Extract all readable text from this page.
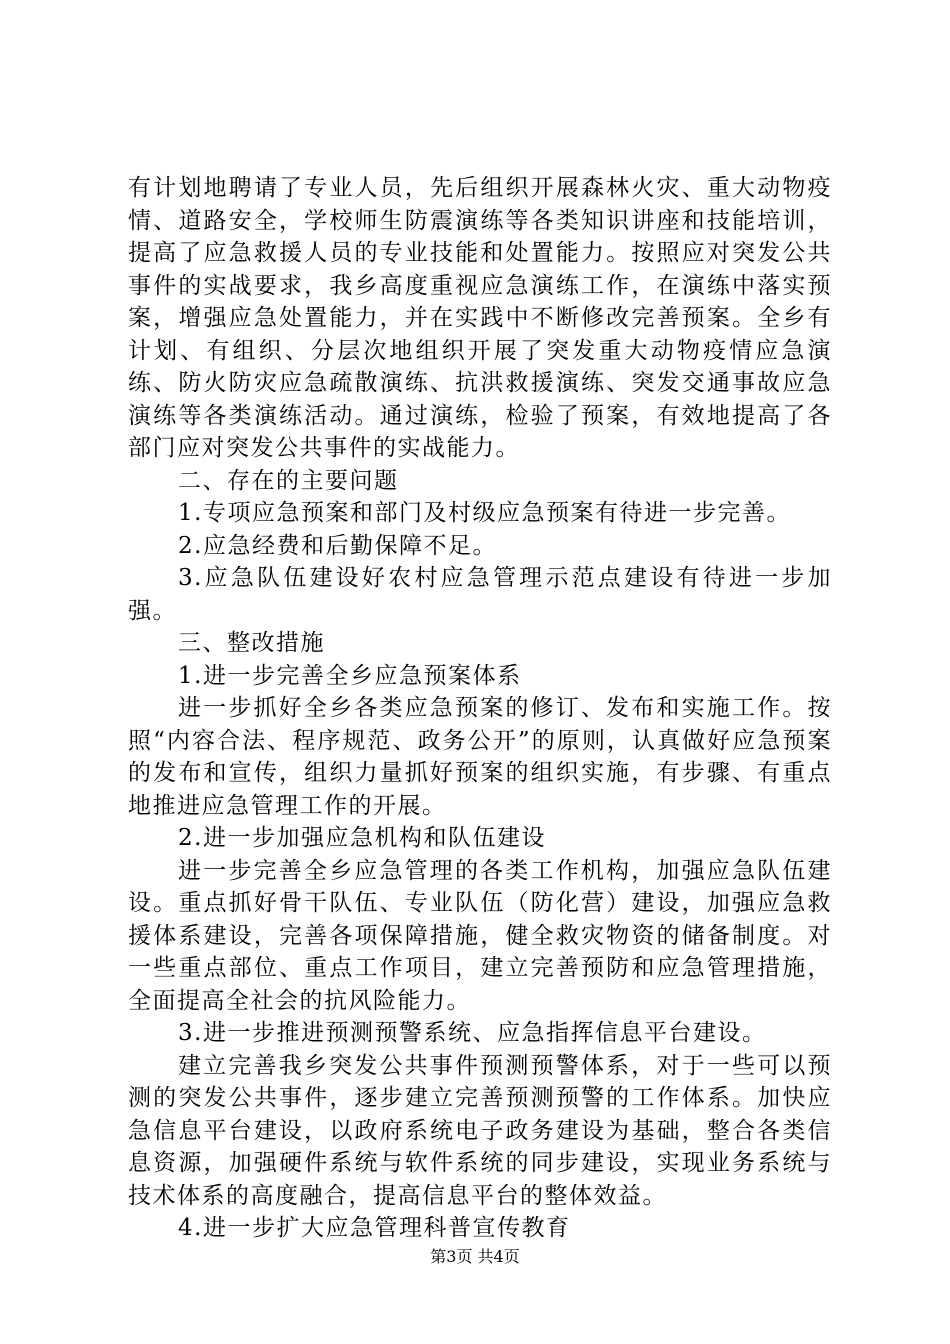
有计划地聘请了专业人员，先后组织开展森林火灾、重大动物疫情、道路安全，学校师生防震演练等各类知识讲座和技能培训，提高了应急救援人员的专业技能和处置能力。按照应对突发公共事件的实战要求，我乡高度重视应急演练工作，在演练中落实预案，增强应急处置能力，并在实践中不断修改完善预案。全乡有计划、有组织、分层次地组织开展了突发重大动物疫情应急演练、防火防灾应急疏散演练、抗洪救援演练、突发交通事故应急演练等各类演练活动。通过演练，检验了预案，有效地提高了各部门应对突发公共事件的实战能力。

二、存在的主要问题

1.专项应急预案和部门及村级应急预案有待进一步完善。

2.应急经费和后勤保障不足。

3.应急队伍建设好农村应急管理示范点建设有待进一步加强。

三、整改措施

1.进一步完善全乡应急预案体系

进一步抓好全乡各类应急预案的修订、发布和实施工作。按照“内容合法、程序规范、政务公开”的原则，认真做好应急预案的发布和宣传，组织力量抓好预案的组织实施，有步骤、有重点地推进应急管理工作的开展。

2.进一步加强应急机构和队伍建设

进一步完善全乡应急管理的各类工作机构，加强应急队伍建设。重点抓好骨干队伍、专业队伍（防化营）建设，加强应急救援体系建设，完善各项保障措施，健全救灾物资的储备制度。对一些重点部位、重点工作项目，建立完善预防和应急管理措施，全面提高全社会的抗风险能力。

3.进一步推进预测预警系统、应急指挥信息平台建设。

建立完善我乡突发公共事件预测预警体系，对于一些可以预测的突发公共事件，逐步建立完善预测预警的工作体系。加快应急信息平台建设，以政府系统电子政务建设为基础，整合各类信息资源，加强硬件系统与软件系统的同步建设，实现业务系统与技术体系的高度融合，提高信息平台的整体效益。

4.进一步扩大应急管理科普宣传教育

第3页 共4页
